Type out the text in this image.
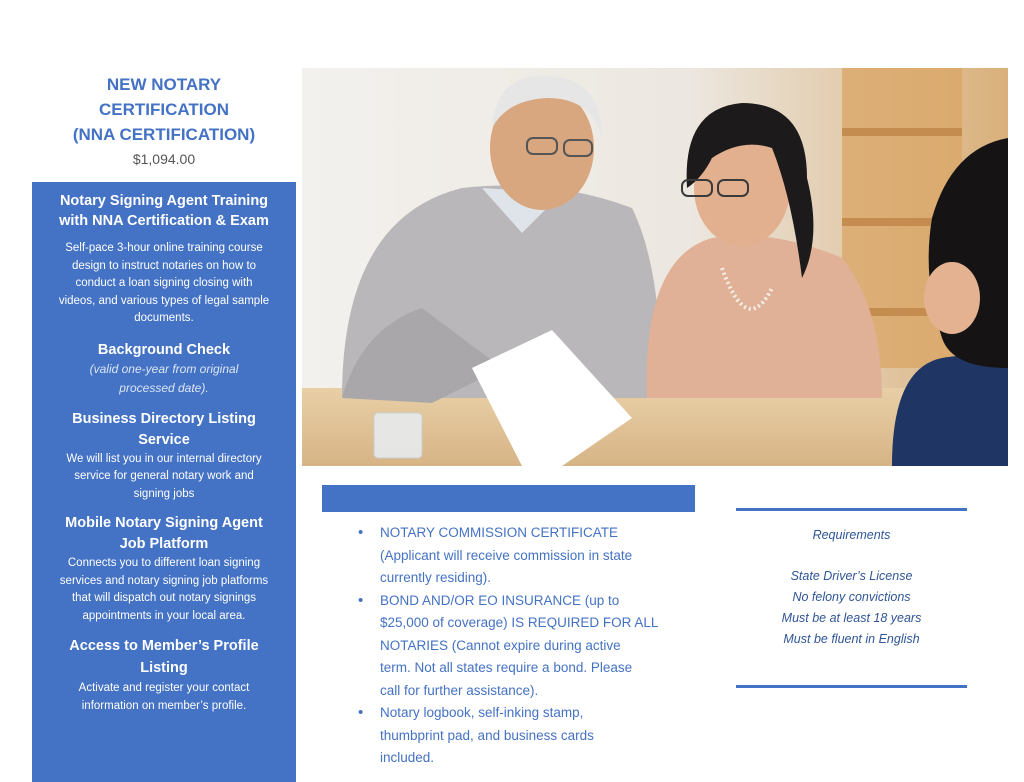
NEW NOTARY
CERTIFICATION
(NNA CERTIFICATION)
$1,094.00
Notary Signing Agent Training
with NNA Certification & Exam
Self-pace 3-hour online training course
design to instruct notaries on how to
conduct a loan signing closing with
videos, and various types of legal sample
documents.
Background Check
(valid one-year from original
processed date).
Business Directory Listing
Service
We will list you in our internal directory
service for general notary work and
signing jobs
Mobile Notary Signing Agent
Job Platform
Connects you to different loan signing
services and notary signing job platforms
that will dispatch out notary signings
appointments in your local area.
Access to Member’s Profile
Listing
Activate and register your contact
information on member’s profile.
• NOTARY COMMISSION CERTIFICATE
(Applicant will receive commission in state
currently residing).
• BOND AND/OR EO INSURANCE (up to
$25,000 of coverage) IS REQUIRED FOR ALL
NOTARIES (Cannot expire during active
term. Not all states require a bond. Please
call for further assistance).
• Notary logbook, self-inking stamp,
thumbprint pad, and business cards
included.
Requirements
State Driver’s License
No felony convictions
Must be at least 18 years
Must be fluent in English
